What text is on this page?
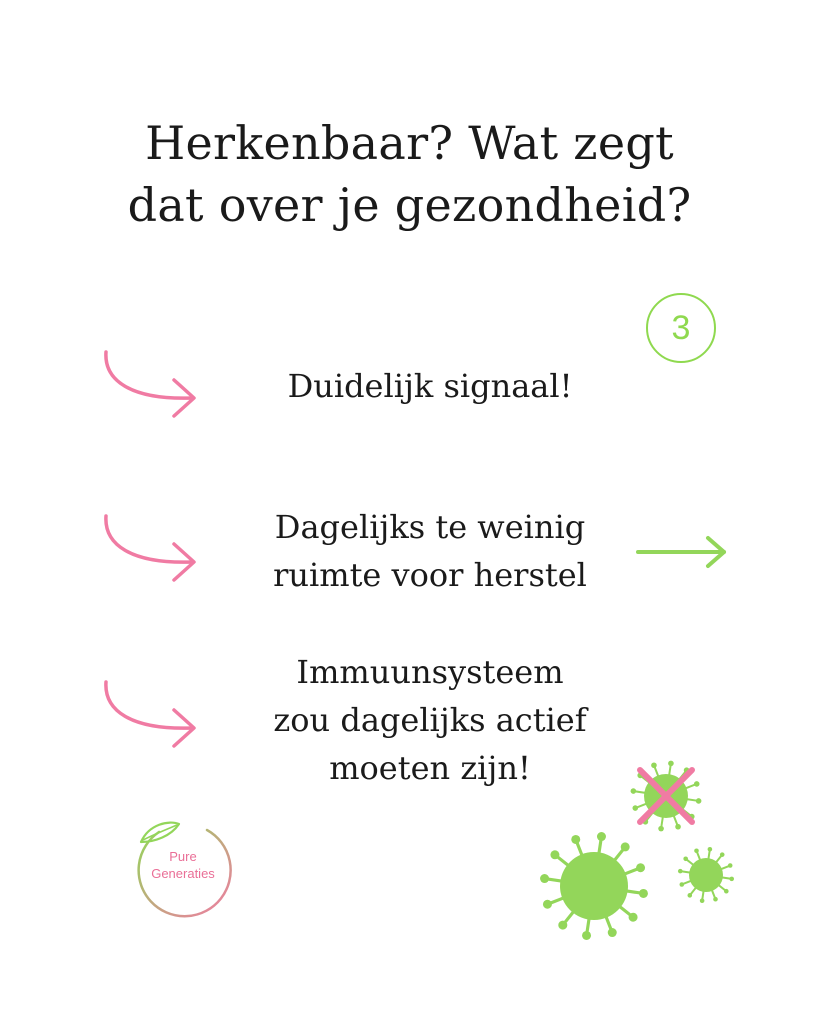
Herkenbaar? Wat zegt
dat over je gezondheid?
3
Duidelijk signaal!
Dagelijks te weinig
ruimte voor herstel
Immuunsysteem
zou dagelijks actief
moeten zijn!
Pure
Generaties
